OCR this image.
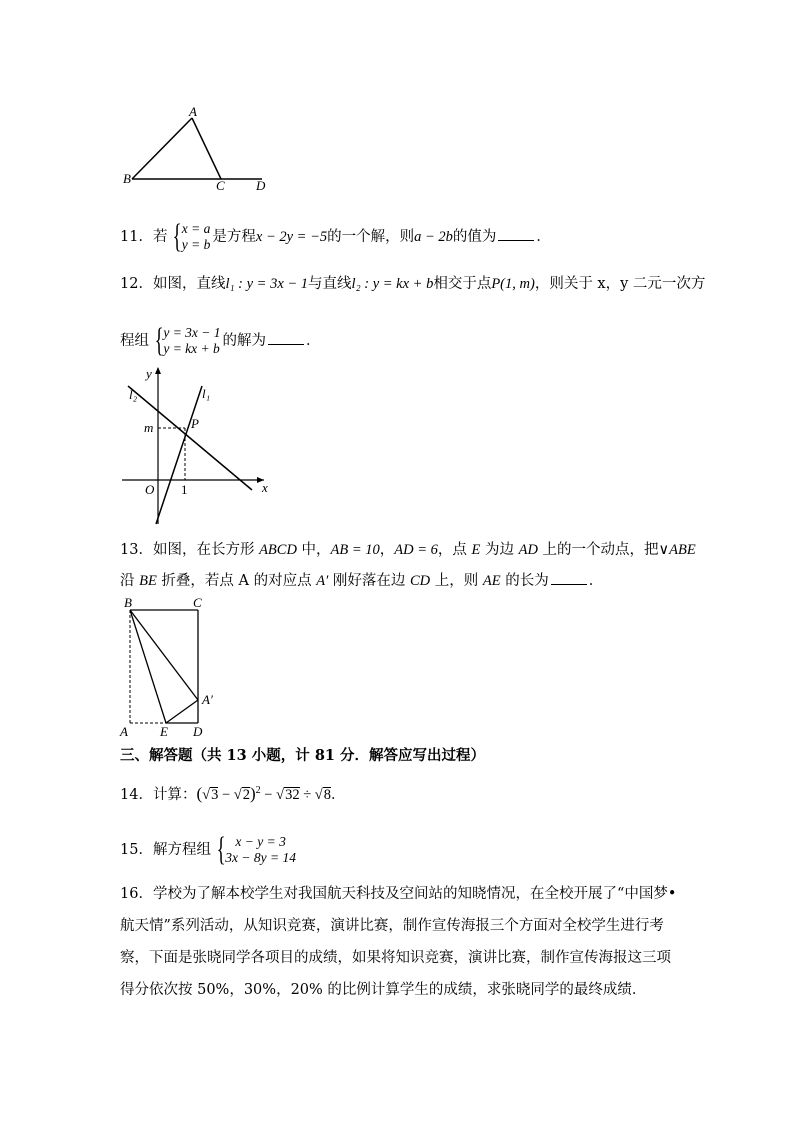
A
B	C D
11．若 { x = a
y = b 是方程x − 2y = −5的一个解，则a − 2b的值为	．
12．如图，直线l₁ : y = 3x − 1与直线l₂ : y = kx + b相交于点P(1, m)，则关于 x，y 二元一次方
程组 { y = 3x − 1
y = kx + b 的解为	．
y
l₂	l₁
m	P
O 1	x
13．如图，在长方形 ABCD 中，AB = 10，AD = 6，点 E 为边 AD 上的一个动点，把∨ABE
沿 BE 折叠，若点 A 的对应点 A′ 刚好落在边 CD 上，则 AE 的长为	．
B	C
A′
A E D
三、解答题（共 13 小题，计 81 分．解答应写出过程）
14．计算：$(√3 - √2)^2 - √32 \div √8$．
15．解方程组 { x − y = 3
3x − 8y = 14
16．学校为了解本校学生对我国航天科技及空间站的知晓情况，在全校开展了“中国梦•航天情”系列活动，从知识竞赛，演讲比赛，制作宣传海报三个方面对全校学生进行考察，下面是张晓同学各项目的成绩，如果将知识竞赛，演讲比赛，制作宣传海报这三项得分依次按 50%，30%，20% 的比例计算学生的成绩，求张晓同学的最终成绩．
